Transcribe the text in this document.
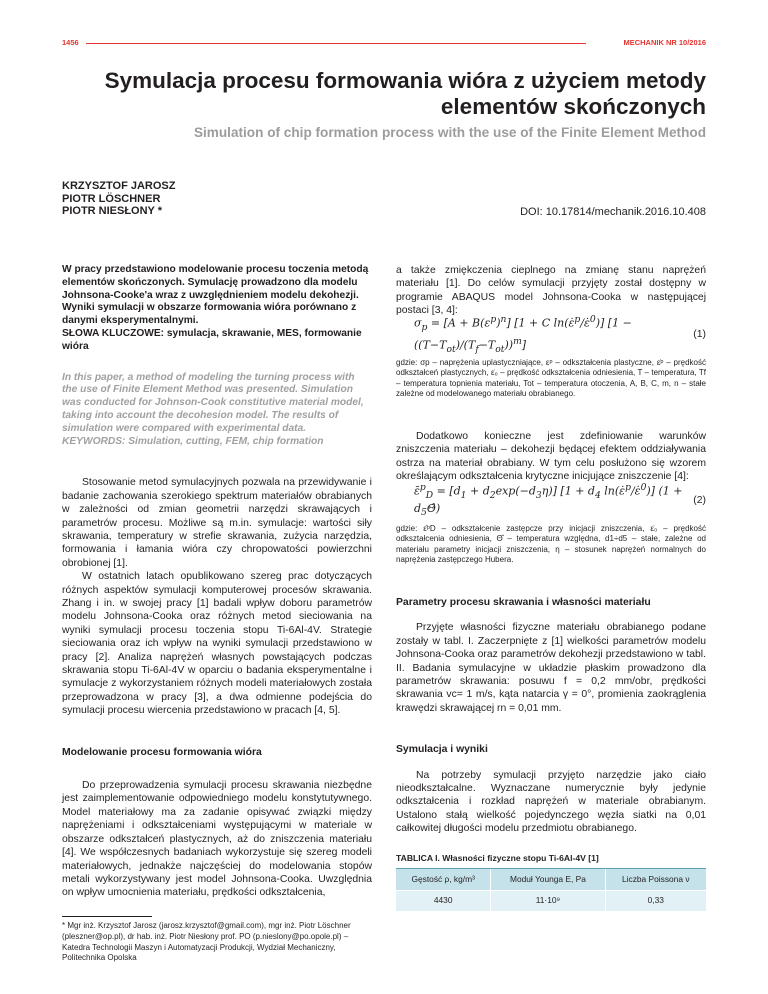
1456	MECHANIK NR 10/2016
Symulacja procesu formowania wióra z użyciem metody elementów skończonych
Simulation of chip formation process with the use of the Finite Element Method
KRZYSZTOF JAROSZ
PIOTR LÖSCHNER
PIOTR NIESŁONY *	DOI: 10.17814/mechanik.2016.10.408
W pracy przedstawiono modelowanie procesu toczenia metodą elementów skończonych. Symulację prowadzono dla modelu Johnsona-Cooke'a wraz z uwzględnieniem modelu dekohezji. Wyniki symulacji w obszarze formowania wióra porównano z danymi eksperymentalnymi.
SŁOWA KLUCZOWE: symulacja, skrawanie, MES, formowanie wióra
In this paper, a method of modeling the turning process with the use of Finite Element Method was presented. Simulation was conducted for Johnson-Cook constitutive material model, taking into account the decohesion model. The results of simulation were compared with experimental data.
KEYWORDS: Simulation, cutting, FEM, chip formation

Stosowanie metod symulacyjnych pozwala na przewidywanie i badanie zachowania szerokiego spektrum materiałów obrabianych w zależności od zmian geometrii narzędzi skrawających i parametrów procesu. Możliwe są m.in. symulacje: wartości siły skrawania, temperatury w strefie skrawania, zużycia narzędzia, formowania i łamania wióra czy chropowatości powierzchni obrobionej [1].

W ostatnich latach opublikowano szereg prac dotyczących różnych aspektów symulacji komputerowej procesów skrawania. Zhang i in. w swojej pracy [1] badali wpływ doboru parametrów modelu Johnsona-Cooka oraz różnych metod sieciowania na wyniki symulacji procesu toczenia stopu Ti-6Al-4V. Strategie sieciowania oraz ich wpływ na wyniki symulacji przedstawiono w pracy [2]. Analiza naprężeń własnych powstających podczas skrawania stopu Ti-6Al-4V w oparciu o badania eksperymentalne i symulacje z wykorzystaniem różnych modeli materiałowych została przeprowadzona w pracy [3], a dwa odmienne podejścia do symulacji procesu wiercenia przedstawiono w pracach [4, 5].

Modelowanie procesu formowania wióra

Do przeprowadzenia symulacji procesu skrawania niezbędne jest zaimplementowanie odpowiedniego modelu konstytutywnego. Model materiałowy ma za zadanie opisywać związki między naprężeniami i odkształceniami występującymi w materiale w obszarze odkształceń plastycznych, aż do zniszczenia materiału [4]. We współczesnych badaniach wykorzystuje się szereg modeli materiałowych, jednakże najczęściej do modelowania stopów metali wykorzystywany jest model Johnsona-Cooka. Uwzględnia on wpływ umocnienia materiału, prędkości odkształcenia,

* Mgr inż. Krzysztof Jarosz (jarosz.krzysztof@gmail.com), mgr inż. Piotr Löschner (pleszner@op.pl), dr hab. inż. Piotr Niesłony prof. PO (p.nieslony@po.opole.pl) – Katedra Technologii Maszyn i Automatyzacji Produkcji, Wydział Mechaniczny, Politechnika Opolska

a także zmiękczenia cieplnego na zmianę stanu naprężeń materiału [1]. Do celów symulacji przyjęty został dostępny w programie ABAQUS model Johnsona-Cooka w następującej postaci [3, 4]:

$\sigma_p = [A + B(\varepsilon^p)^n] [1 + C$ ln(ε̇$^p$/ε̇$^0$)] $[1 - ((T-T_{ot})/(T_f-T_{ot}))^m]$
(1)
gdzie: σp – naprężenia uplastyczniające, εᵖ – odkształcenia plastyczne, ε̇ᵖ – prędkość odkształceń plastycznych, ε̇₀ – prędkość odkształcenia odniesienia, T – temperatura, Tf – temperatura topnienia materiału, Tot – temperatura otoczenia, A, B, C, m, n – stałe zależne od modelowanego materiału obrabianego.

Dodatkowo konieczne jest zdefiniowanie warunków zniszczenia materiału – dekohezji będącej efektem oddziaływania ostrza na materiał obrabiany. W tym celu posłużono się wzorem określającym odkształcenia krytyczne inicjujące zniszczenie [4]:

ε̄$^p_D$ = $[d_1 + d_2\exp(-d_3\eta)] [1 + d_4$ ln(ε̇$^p$/ε̇$^0$)] $(1 + d_5\Thetâ)$
(2)
gdzie: ε̄ᵖD – odkształcenie zastępcze przy inicjacji zniszczenia, ε̇₀ – prędkość odkształcenia odniesienia, Θ̂ – temperatura względna, d1÷d5 – stałe, zależne od materiału parametry inicjacji zniszczenia, η – stosunek naprężeń normalnych do naprężenia zastępczego Hubera.
Parametry procesu skrawania i własności materiału

Przyjęte własności fizyczne materiału obrabianego podane zostały w tabl. I. Zaczerpnięte z [1] wielkości parametrów modelu Johnsona-Cooka oraz parametrów dekohezji przedstawiono w tabl. II. Badania symulacyjne w układzie płaskim prowadzono dla parametrów skrawania: posuwu f = 0,2 mm/obr, prędkości skrawania vc= 1 m/s, kąta natarcia γ = 0°, promienia zaokrąglenia krawędzi skrawającej rn = 0,01 mm.

Symulacja i wyniki

Na potrzeby symulacji przyjęto narzędzie jako ciało nieodkształcalne. Wyznaczane numerycznie były jedynie odkształcenia i rozkład naprężeń w materiale obrabianym. Ustalono stałą wielkość pojedynczego węzła siatki na 0,01 całkowitej długości modelu przedmiotu obrabianego.

TABLICA I. Własności fizyczne stopu Ti-6Al-4V [1]
Gęstość ρ, kg/m³	Moduł Younga E, Pa	Liczba Poissona ν
4430	11·10⁹	0,33
